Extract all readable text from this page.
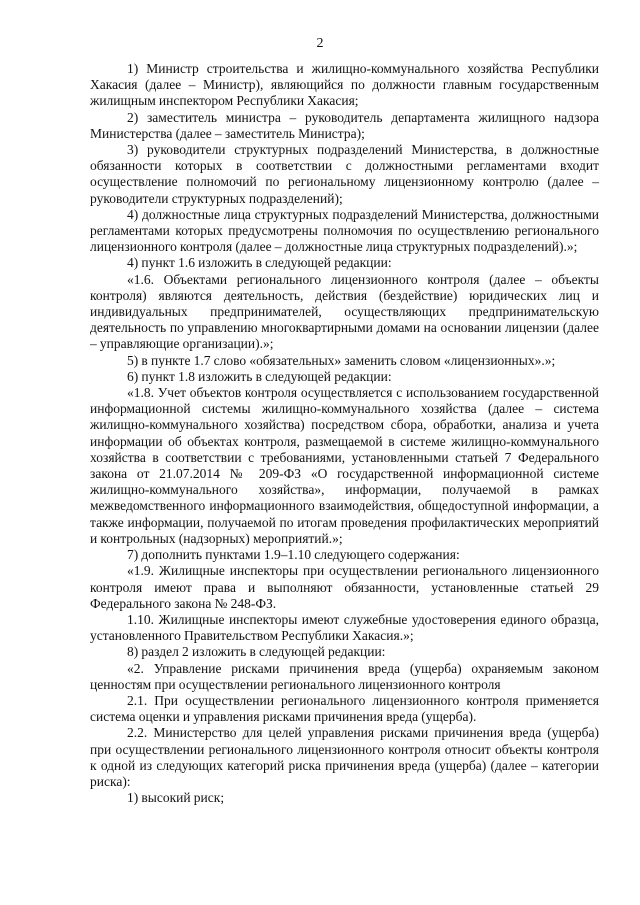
2

1) Министр строительства и жилищно-коммунального хозяйства Республики Хакасия (далее – Министр), являющийся по должности главным государственным жилищным инспектором Республики Хакасия;

2) заместитель министра – руководитель департамента жилищного надзора Министерства (далее – заместитель Министра);

3) руководители структурных подразделений Министерства, в должностные обязанности которых в соответствии с должностными регламентами входит осуществление полномочий по региональному лицензионному контролю (далее – руководители структурных подразделений);

4) должностные лица структурных подразделений Министерства, должностными регламентами которых предусмотрены полномочия по осуществлению регионального лицензионного контроля (далее – должностные лица структурных подразделений).»;

4) пункт 1.6 изложить в следующей редакции:

«1.6. Объектами регионального лицензионного контроля (далее – объекты контроля) являются деятельность, действия (бездействие) юридических лиц и индивидуальных предпринимателей, осуществляющих предпринимательскую деятельность по управлению многоквартирными домами на основании лицензии (далее – управляющие организации).»;

5) в пункте 1.7 слово «обязательных» заменить словом «лицензионных».»;

6) пункт 1.8 изложить в следующей редакции:

«1.8. Учет объектов контроля осуществляется с использованием государственной информационной системы жилищно-коммунального хозяйства (далее – система жилищно-коммунального хозяйства) посредством сбора, обработки, анализа и учета информации об объектах контроля, размещаемой в системе жилищно-коммунального хозяйства в соответствии с требованиями, установленными статьей 7 Федерального закона от 21.07.2014 № 209-ФЗ «О государственной информационной системе жилищно-коммунального хозяйства», информации, получаемой в рамках межведомственного информационного взаимодействия, общедоступной информации, а также информации, получаемой по итогам проведения профилактических мероприятий и контрольных (надзорных) мероприятий.»;

7) дополнить пунктами 1.9–1.10 следующего содержания:

«1.9. Жилищные инспекторы при осуществлении регионального лицензионного контроля имеют права и выполняют обязанности, установленные статьей 29 Федерального закона № 248-ФЗ.

1.10. Жилищные инспекторы имеют служебные удостоверения единого образца, установленного Правительством Республики Хакасия.»;

8) раздел 2 изложить в следующей редакции:

«2. Управление рисками причинения вреда (ущерба) охраняемым законом ценностям при осуществлении регионального лицензионного контроля

2.1. При осуществлении регионального лицензионного контроля применяется система оценки и управления рисками причинения вреда (ущерба).

2.2. Министерство для целей управления рисками причинения вреда (ущерба) при осуществлении регионального лицензионного контроля относит объекты контроля к одной из следующих категорий риска причинения вреда (ущерба) (далее – категории риска):

1) высокий риск;
